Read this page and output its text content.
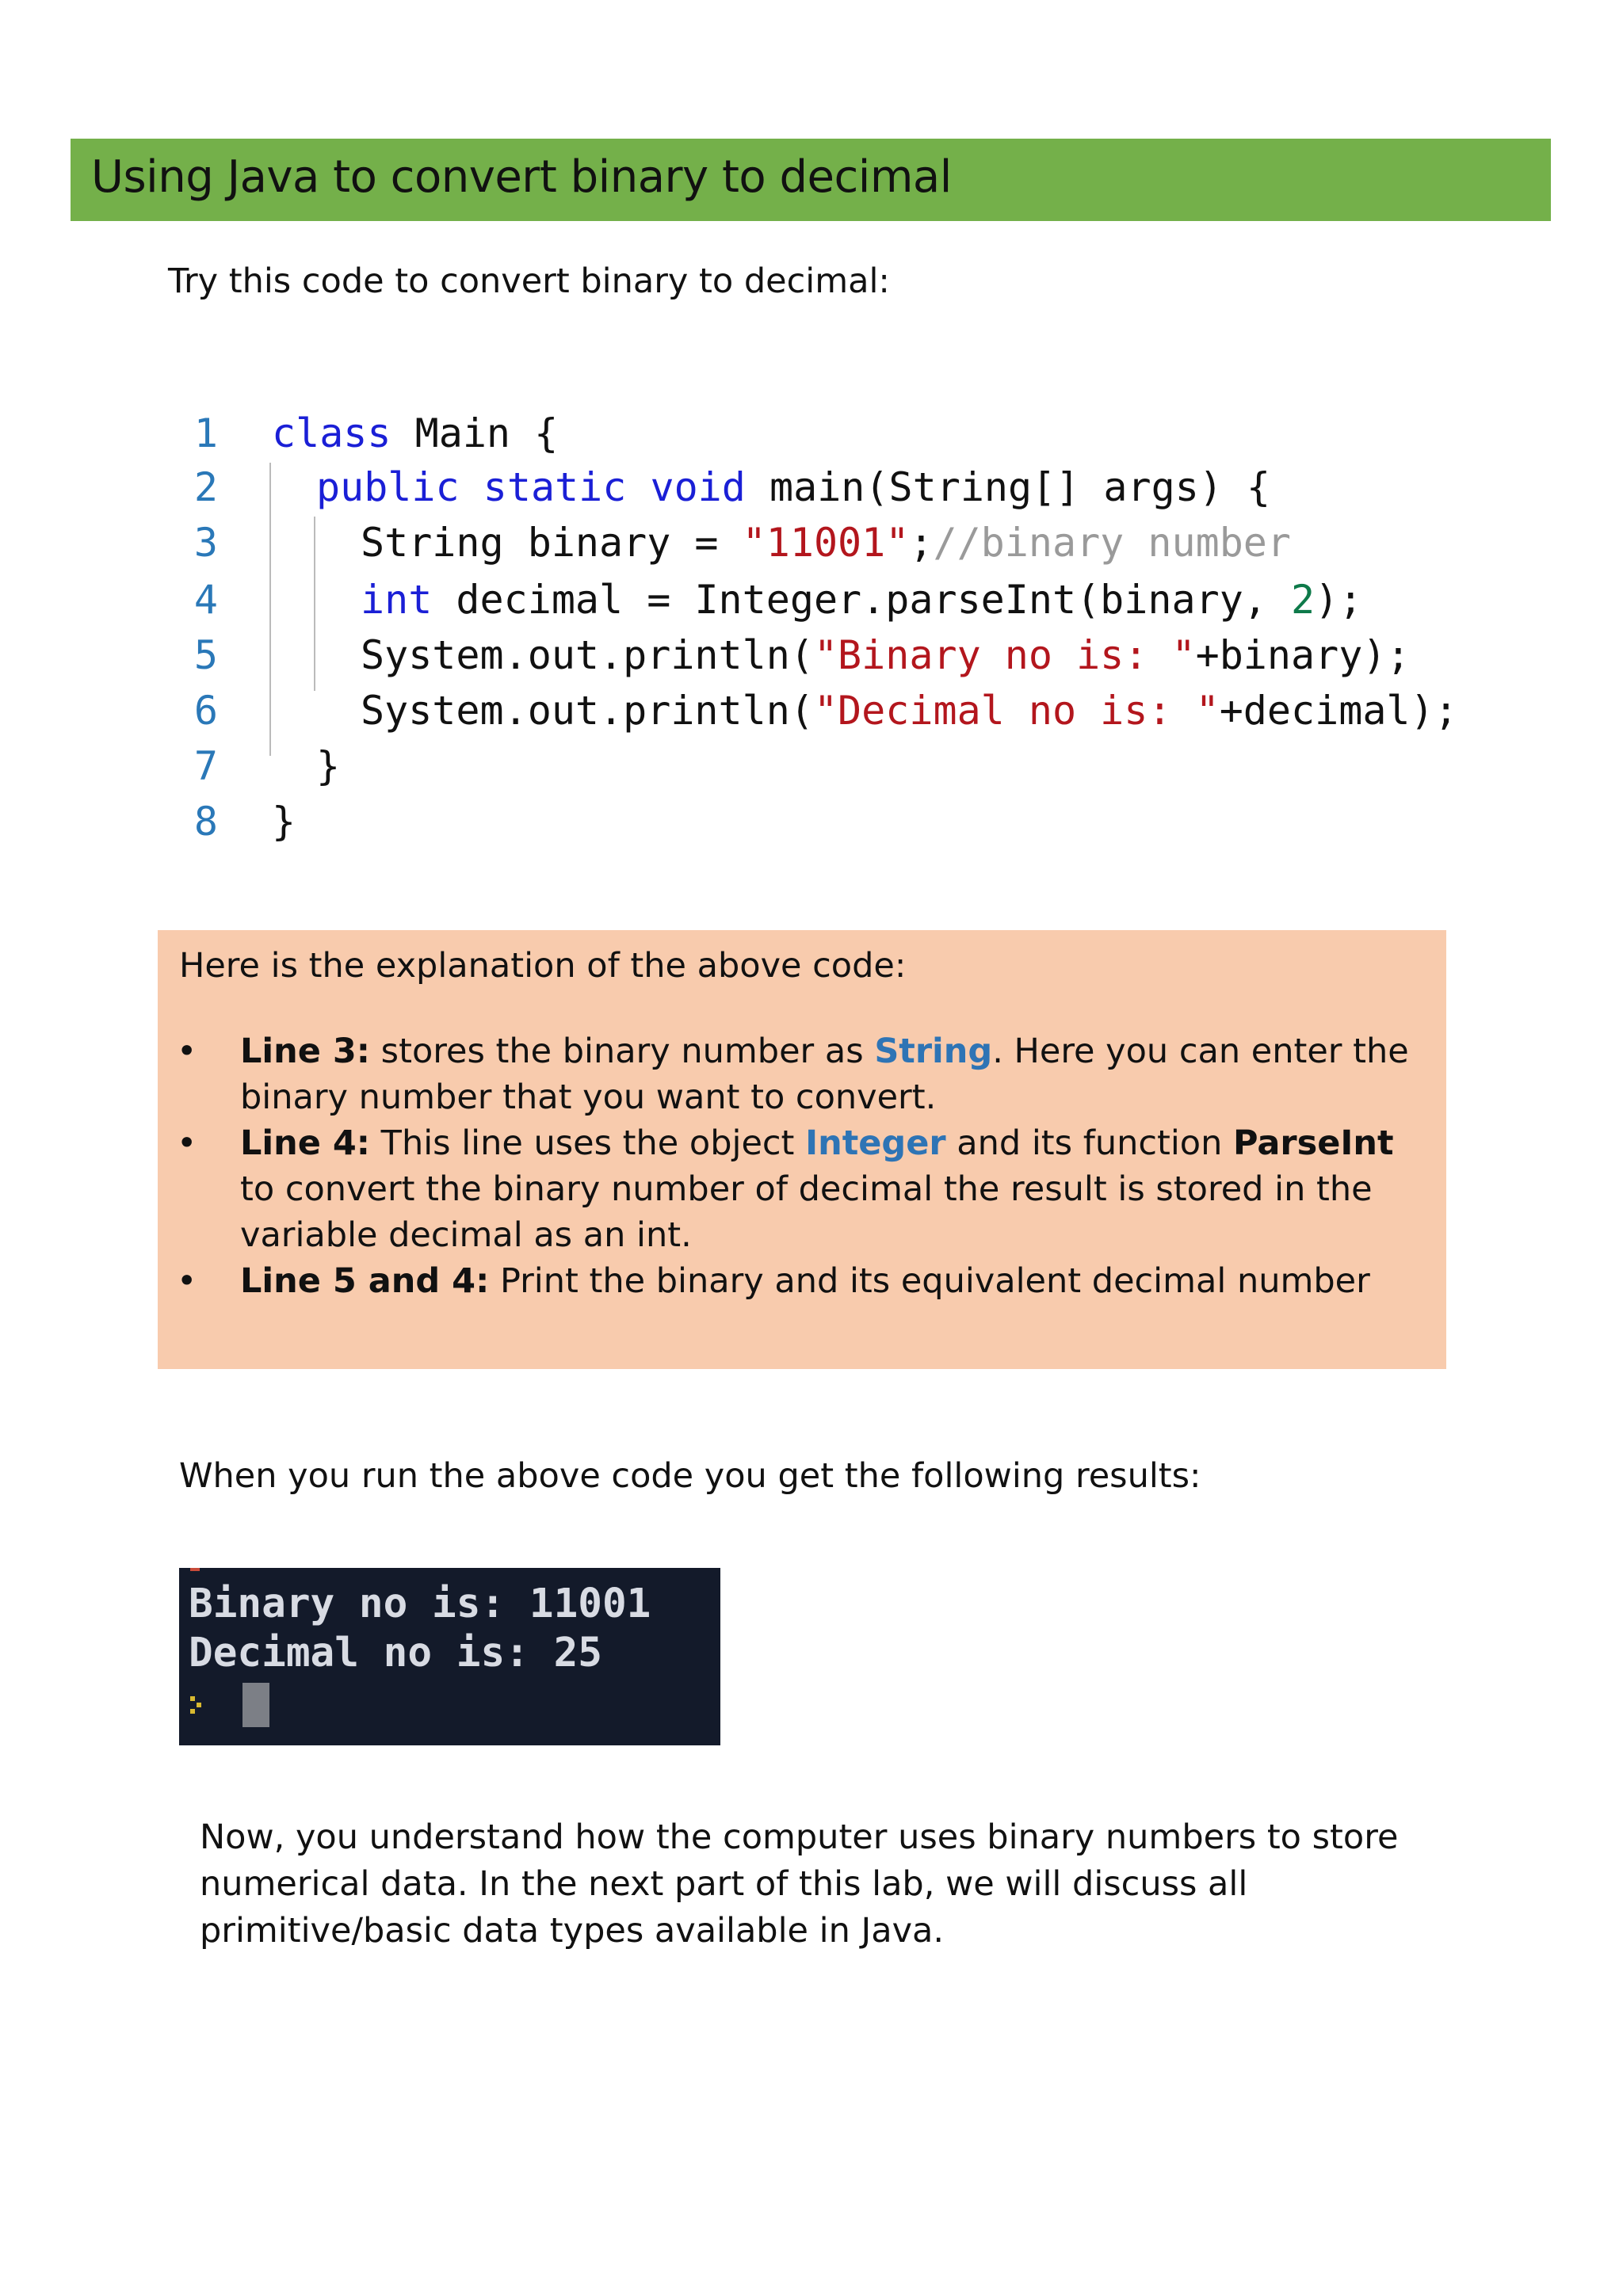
Using Java to convert binary to decimal
Try this code to convert binary to decimal:
1
2
3
4
5
6
7
8
class Main {
public static void main(String[] args) {
String binary = "11001";//binary number
int decimal = Integer.parseInt(binary, 2);
System.out.println("Binary no is: "+binary);
System.out.println("Decimal no is: "+decimal);
}
}
Here is the explanation of the above code:
• Line 3: stores the binary number as String. Here you can enter the binary number that you want to convert.
• Line 4: This line uses the object Integer and its function ParseInt to convert the binary number of decimal the result is stored in the variable decimal as an int.
• Line 5 and 4: Print the binary and its equivalent decimal number
When you run the above code you get the following results:
Binary no is: 11001
Decimal no is: 25
Now, you understand how the computer uses binary numbers to store numerical data. In the next part of this lab, we will discuss all primitive/basic data types available in Java.
